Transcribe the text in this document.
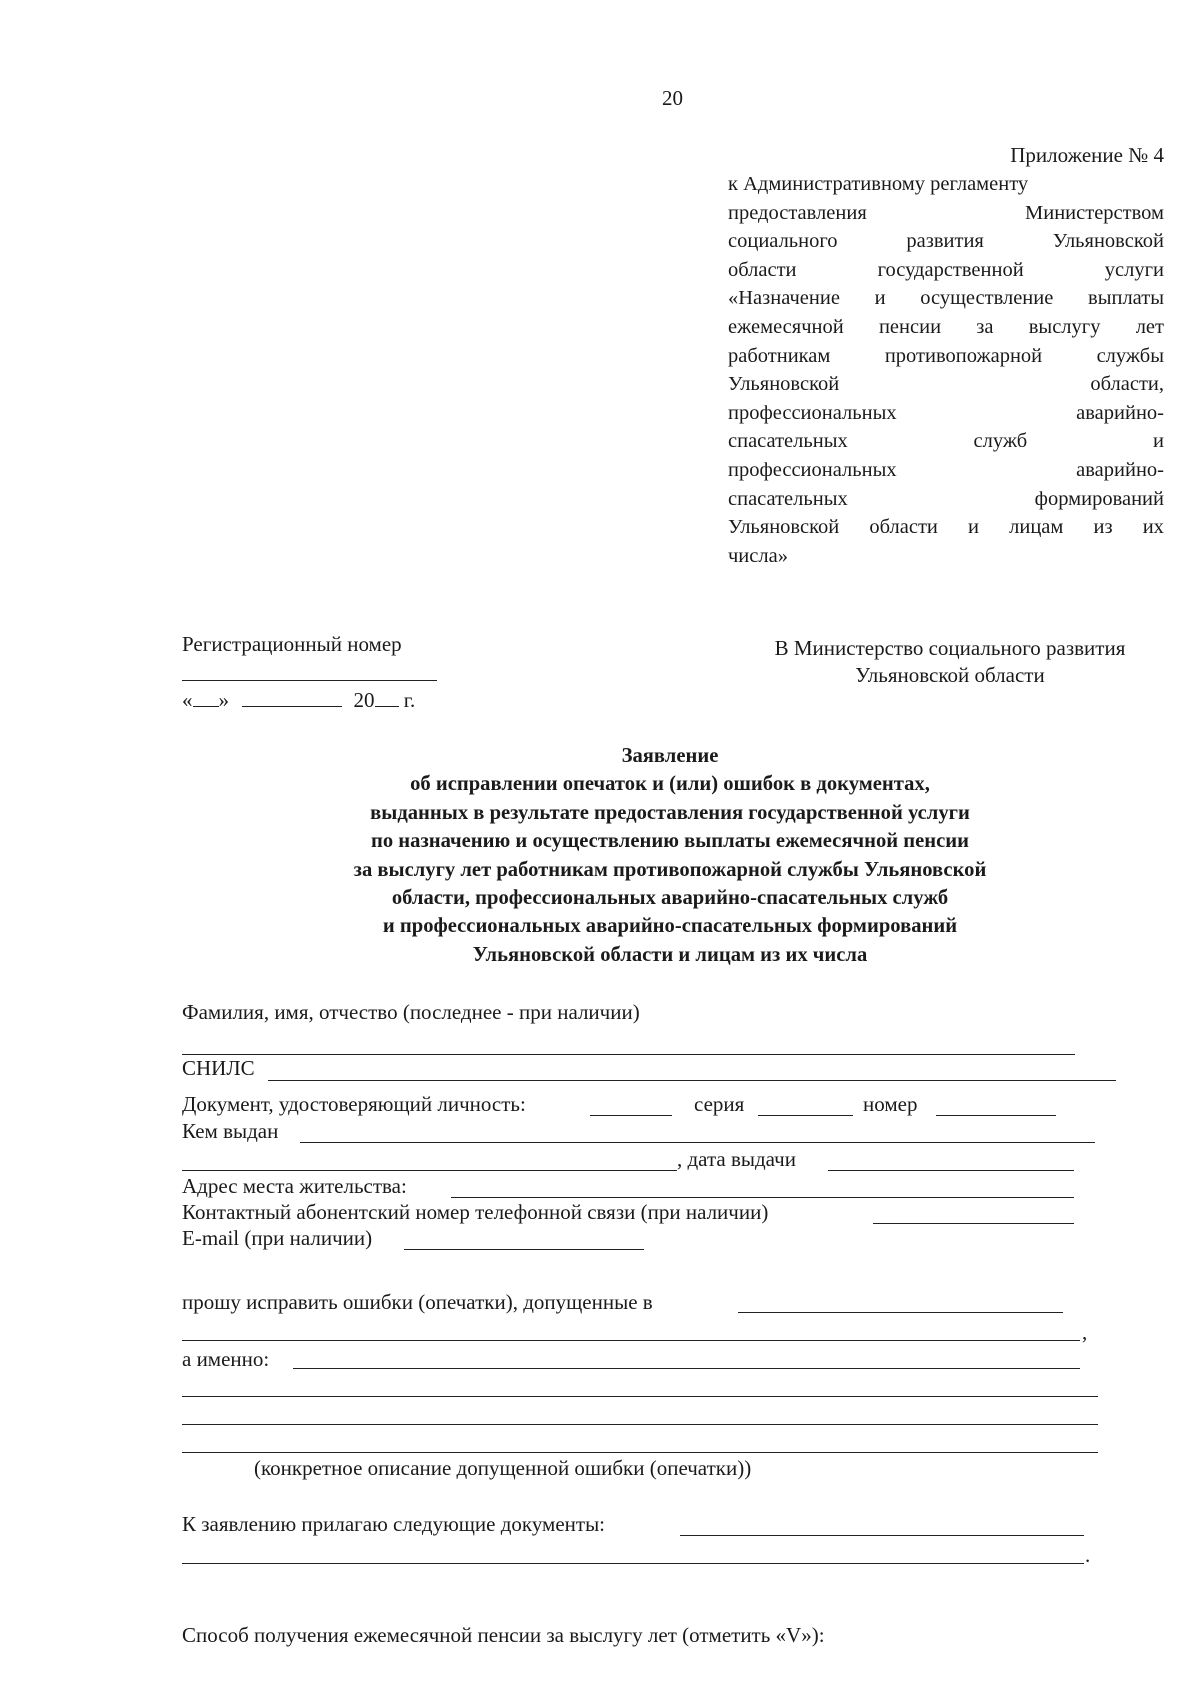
20
Приложение № 4
к Административному регламенту
предоставления	Министерством
социального	развития	Ульяновской
области	государственной	услуги
«Назначение и осуществление выплаты
ежемесячной пенсии за выслугу лет
работникам	противопожарной	службы
Ульяновской	области,
профессиональных	аварийно-
спасательных	служб	и
профессиональных	аварийно-
спасательных	формирований
Ульяновской области и лицам из их
числа»
Регистрационный номер
« »	20 г.
В Министерство социального развития
Ульяновской области
Заявление
об исправлении опечаток и (или) ошибок в документах,
выданных в результате предоставления государственной услуги
по назначению и осуществлению выплаты ежемесячной пенсии
за выслугу лет работникам противопожарной службы Ульяновской
области, профессиональных аварийно-спасательных служб
и профессиональных аварийно-спасательных формирований
Ульяновской области и лицам из их числа
Фамилия, имя, отчество (последнее - при наличии)
СНИЛС
Документ, удостоверяющий личность:	серия	номер
Кем выдан
, дата выдачи
Адрес места жительства:
Контактный абонентский номер телефонной связи (при наличии)
E-mail (при наличии)
прошу исправить ошибки (опечатки), допущенные в
,
а именно:
(конкретное описание допущенной ошибки (опечатки))
К заявлению прилагаю следующие документы:
.
Способ получения ежемесячной пенсии за выслугу лет (отметить «V»):
